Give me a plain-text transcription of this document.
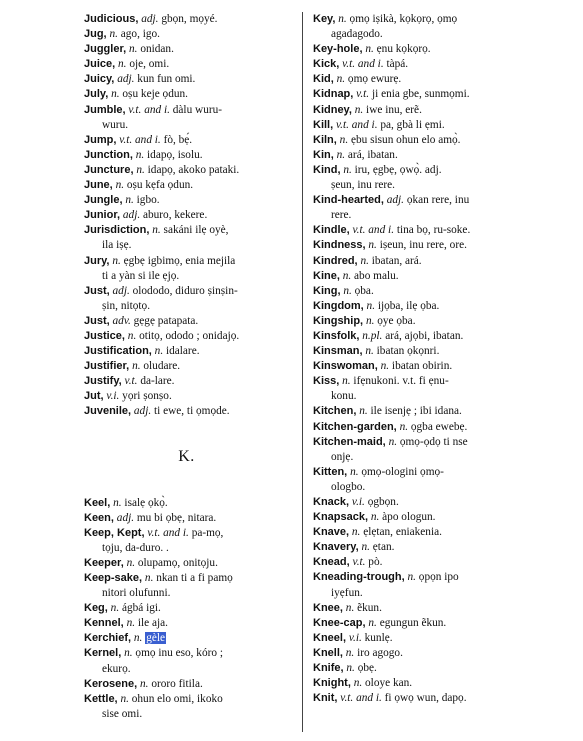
Judicious, adj. gbọn, mọyé.

Jug, n. ago, igo.

Juggler, n. onidan.

Juice, n. oje, omi.

Juicy, adj. kun fun omi.

July, n. oṣu keje ọdun.

Jumble, v.t. and i. dàlu wuru-
wuru.

Jump, v.t. and i. fò, bẹ́.

Junction, n. idapọ, isolu.

Juncture, n. idapọ, akoko pataki.

June, n. oṣu kẹfa ọdun.

Jungle, n. igbo.

Junior, adj. aburo, kekere.

Jurisdiction, n. sakáni ilẹ oyè,
ila iṣẹ.

Jury, n. ẹgbẹ igbimọ, enia mejila
ti a yàn si ile ẹjọ.

Just, adj. olododo, diduro ṣinṣin-
ṣin, nitọtọ.

Just, adv. gẹgẹ patapata.

Justice, n. otitọ, ododo ; onidajọ.

Justification, n. idalare.

Justifier, n. oludare.

Justify, v.t. da-lare.

Jut, v.i. yọri ṣonṣo.

Juvenile, adj. ti ewe, ti ọmọde.

K.

Keel, n. isalẹ ọkọ̀.

Keen, adj. mu bi ọbẹ, nitara.

Keep, Kept, v.t. and i. pa-mọ,
tọju, da-duro. .

Keeper, n. olupamọ, onitọju.

Keep-sake, n. nkan ti a fi pamọ
nitori olufunni.

Keg, n. ágbá igi.

Kennel, n. ile aja.

Kerchief, n. gèle

Kernel, n. ọmọ inu eso, kóro ;
ekurọ.

Kerosene, n. ororo fitila.

Kettle, n. ohun elo omi, ikoko
sise omi.

Key, n. ọmọ iṣikà, kọkọrọ, ọmọ
agadagodo.

Key-hole, n. ẹnu kọkọrọ.

Kick, v.t. and i. tàpá.

Kid, n. ọmọ ewurẹ.

Kidnap, v.t. ji enia gbe, sunmọmi.

Kidney, n. iwe inu, erẽ.

Kill, v.t. and i. pa, gbà li ẹmi.

Kiln, n. ẹbu sisun ohun elo amọ̀.

Kin, n. ará, ibatan.

Kind, n. iru, ẹgbẹ, ọwọ̀. adj.
ṣeun, inu rere.

Kind-hearted, adj. ọkan rere, inu
rere.

Kindle, v.t. and i. tina bọ, ru-soke.

Kindness, n. iṣeun, inu rere, ore.

Kindred, n. ibatan, ará.

Kine, n. abo malu.

King, n. ọba.

Kingdom, n. ijọba, ilẹ ọba.

Kingship, n. ọye ọba.

Kinsfolk, n.pl. ará, ajọbi, ibatan.

Kinsman, n. ibatan ọkọnri.

Kinswoman, n. ibatan obirin.

Kiss, n. ifẹnukoni. v.t. fi ẹnu-
konu.

Kitchen, n. ile isenjẹ ; ibi idana.

Kitchen-garden, n. ọgba ewebẹ.

Kitchen-maid, n. ọmọ-ọdọ ti nse
onjẹ.

Kitten, n. ọmọ-ologini ọmọ-
ologbo.

Knack, v.i. ọgbọn.

Knapsack, n. àpo ologun.

Knave, n. ẹlẹtan, eniakenia.

Knavery, n. ẹtan.

Knead, v.t. pò.

Kneading-trough, n. ọpọn ipo
iyẹfun.

Knee, n. ẽkun.

Knee-cap, n. egungun ẽkun.

Kneel, v.i. kunlẹ.

Knell, n. iro agogo.

Knife, n. ọbẹ.

Knight, n. oloye kan.

Knit, v.t. and i. fi ọwọ wun, dapọ.
